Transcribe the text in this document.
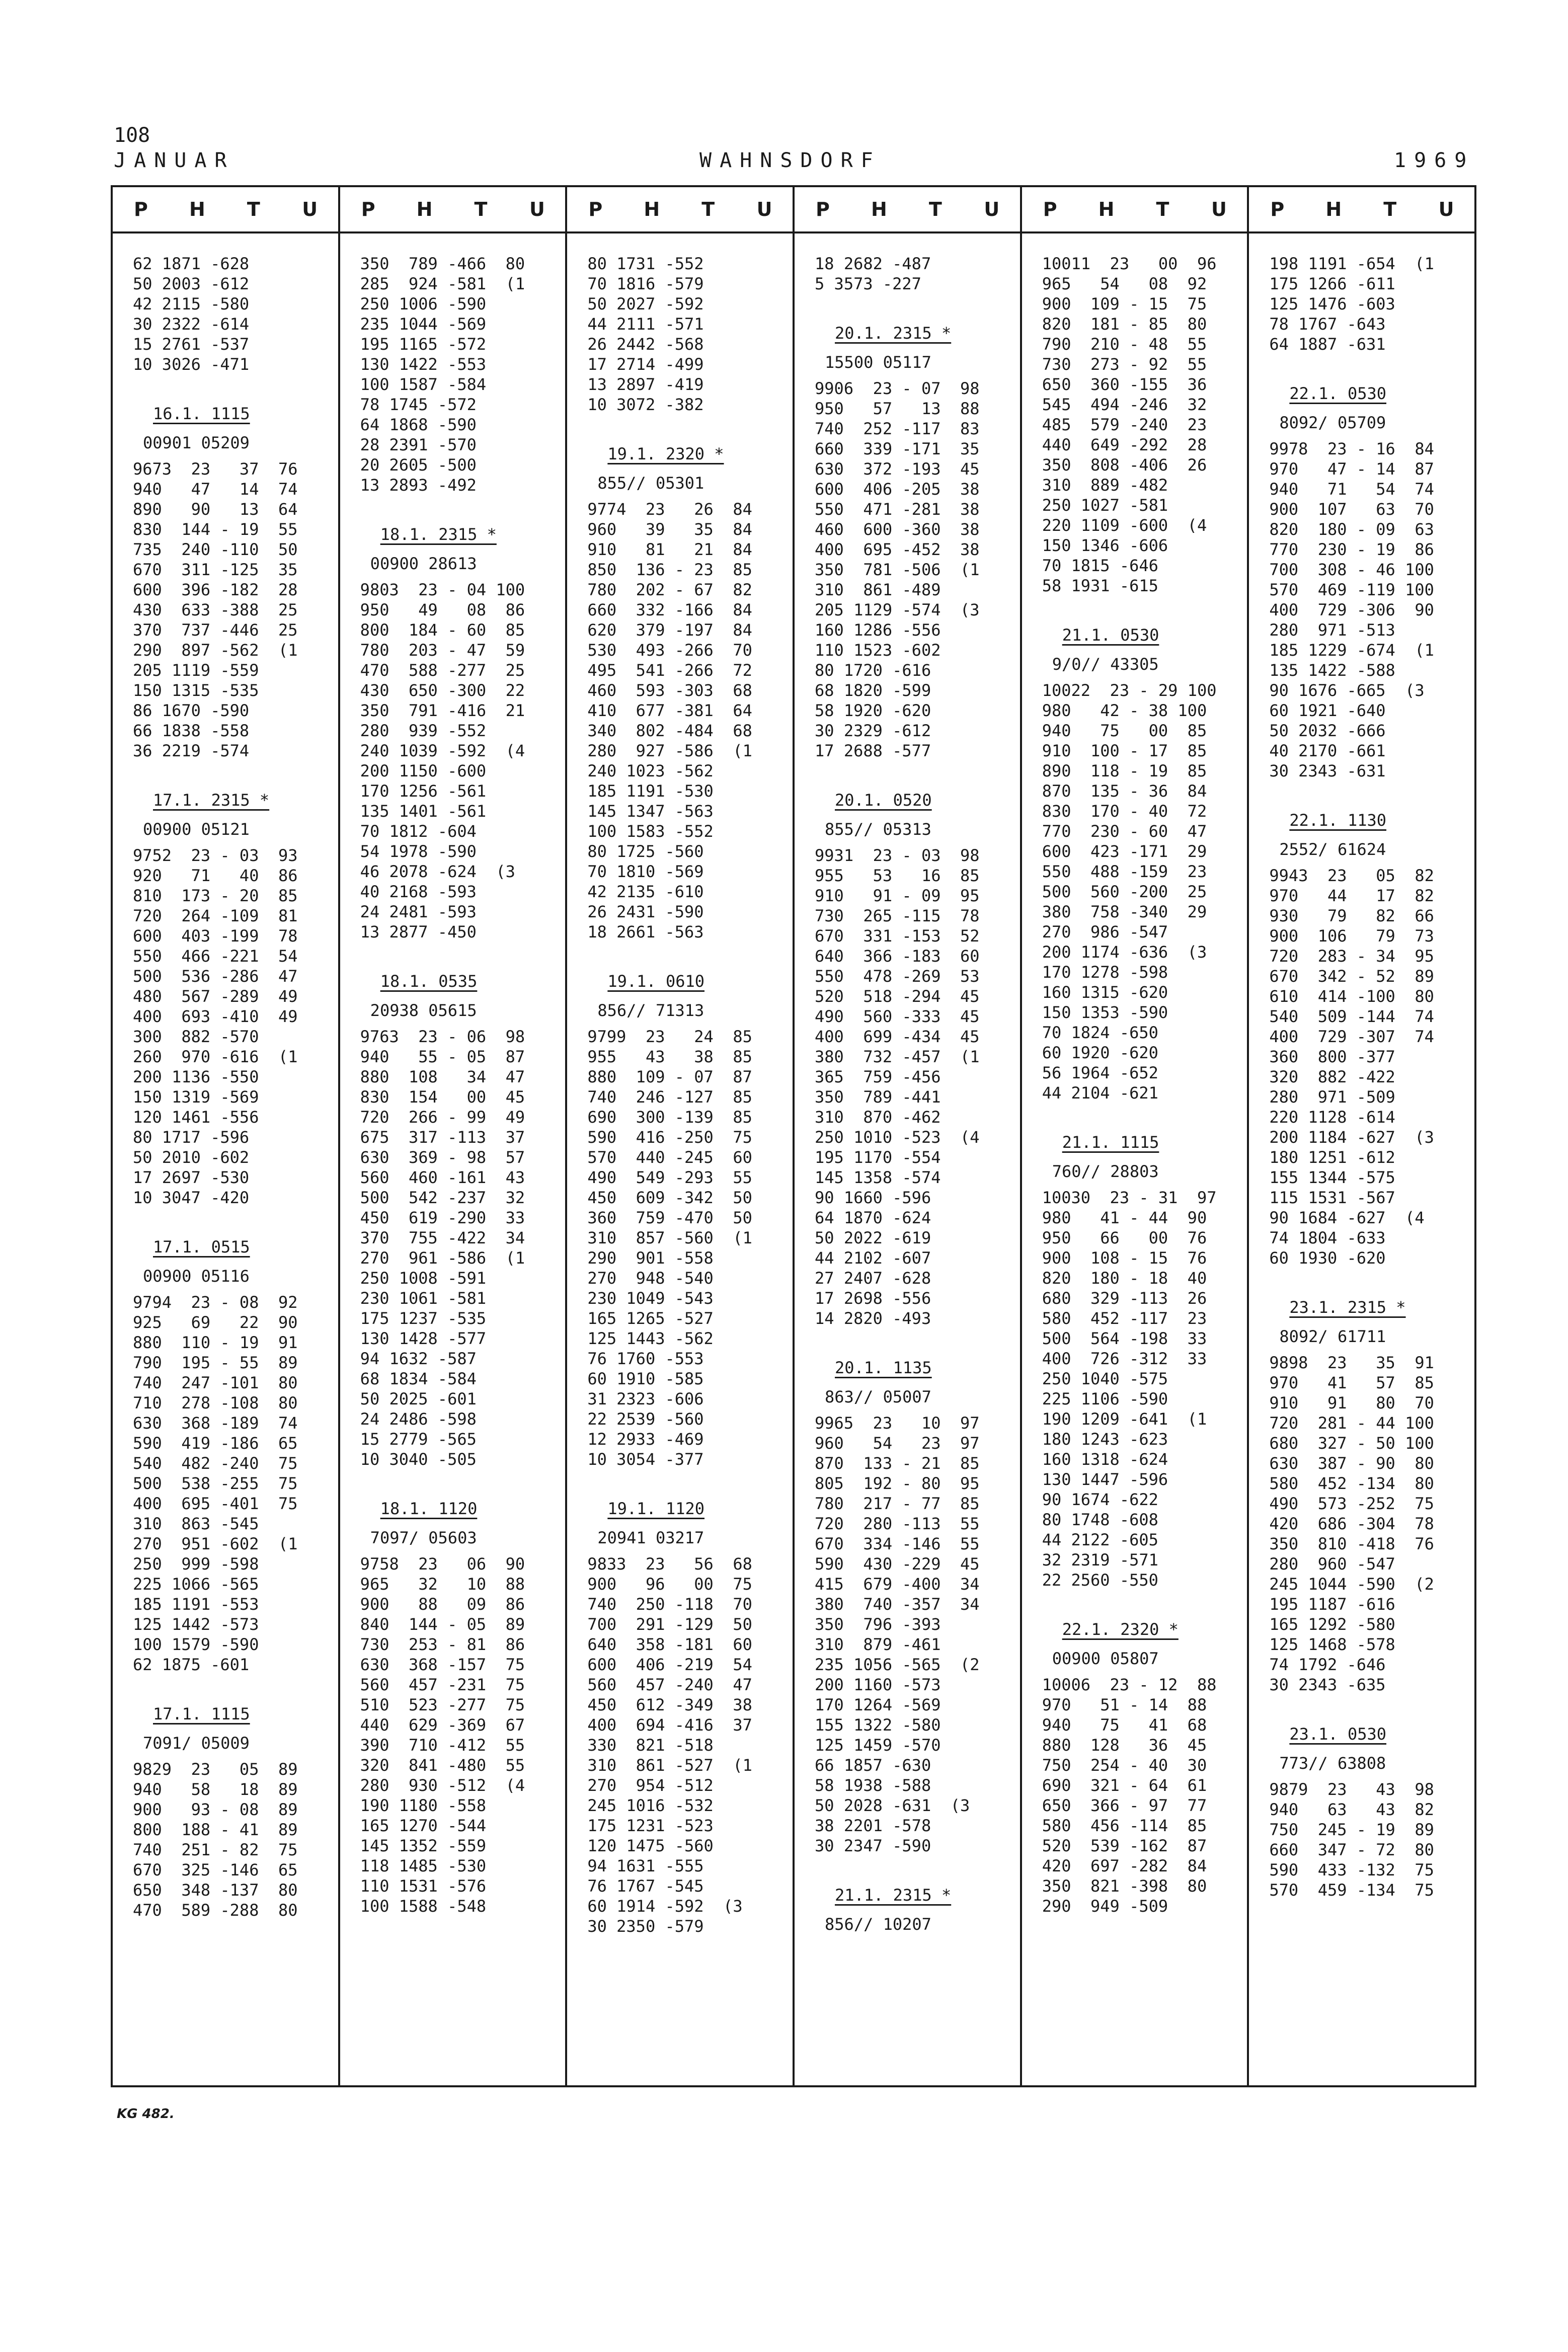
108
JANUAR	WAHNSDORF	1969
P	H	T	U
62 1871 -628
50 2003 -612
42 2115 -580
30 2322 -614
15 2761 -537
10 3026 -471
16.1. 1115
00901 05209
9673  23   37  76
940   47   14  74
890   90   13  64
830  144 - 19  55
735  240 -110  50
670  311 -125  35
600  396 -182  28
430  633 -388  25
370  737 -446  25
290  897 -562  (1
205 1119 -559
150 1315 -535
86 1670 -590
66 1838 -558
36 2219 -574
17.1. 2315 *
00900 05121
9752  23 - 03  93
920   71   40  86
810  173 - 20  85
720  264 -109  81
600  403 -199  78
550  466 -221  54
500  536 -286  47
480  567 -289  49
400  693 -410  49
300  882 -570
260  970 -616  (1
200 1136 -550
150 1319 -569
120 1461 -556
80 1717 -596
50 2010 -602
17 2697 -530
10 3047 -420
17.1. 0515
00900 05116
9794  23 - 08  92
925   69   22  90
880  110 - 19  91
790  195 - 55  89
740  247 -101  80
710  278 -108  80
630  368 -189  74
590  419 -186  65
540  482 -240  75
500  538 -255  75
400  695 -401  75
310  863 -545
270  951 -602  (1
250  999 -598
225 1066 -565
185 1191 -553
125 1442 -573
100 1579 -590
62 1875 -601
17.1. 1115
7091/ 05009
9829  23   05  89
940   58   18  89
900   93 - 08  89
800  188 - 41  89
740  251 - 82  75
670  325 -146  65
650  348 -137  80
470  589 -288  80
P	H	T	U
350  789 -466  80
285  924 -581  (1
250 1006 -590
235 1044 -569
195 1165 -572
130 1422 -553
100 1587 -584
78 1745 -572
64 1868 -590
28 2391 -570
20 2605 -500
13 2893 -492
18.1. 2315 *
00900 28613
9803  23 - 04 100
950   49   08  86
800  184 - 60  85
780  203 - 47  59
470  588 -277  25
430  650 -300  22
350  791 -416  21
280  939 -552
240 1039 -592  (4
200 1150 -600
170 1256 -561
135 1401 -561
70 1812 -604
54 1978 -590
46 2078 -624  (3
40 2168 -593
24 2481 -593
13 2877 -450
18.1. 0535
20938 05615
9763  23 - 06  98
940   55 - 05  87
880  108   34  47
830  154   00  45
720  266 - 99  49
675  317 -113  37
630  369 - 98  57
560  460 -161  43
500  542 -237  32
450  619 -290  33
370  755 -422  34
270  961 -586  (1
250 1008 -591
230 1061 -581
175 1237 -535
130 1428 -577
94 1632 -587
68 1834 -584
50 2025 -601
24 2486 -598
15 2779 -565
10 3040 -505
18.1. 1120
7097/ 05603
9758  23   06  90
965   32   10  88
900   88   09  86
840  144 - 05  89
730  253 - 81  86
630  368 -157  75
560  457 -231  75
510  523 -277  75
440  629 -369  67
390  710 -412  55
320  841 -480  55
280  930 -512  (4
190 1180 -558
165 1270 -544
145 1352 -559
118 1485 -530
110 1531 -576
100 1588 -548
P	H	T	U
80 1731 -552
70 1816 -579
50 2027 -592
44 2111 -571
26 2442 -568
17 2714 -499
13 2897 -419
10 3072 -382
19.1. 2320 *
855// 05301
9774  23   26  84
960   39   35  84
910   81   21  84
850  136 - 23  85
780  202 - 67  82
660  332 -166  84
620  379 -197  84
530  493 -266  70
495  541 -266  72
460  593 -303  68
410  677 -381  64
340  802 -484  68
280  927 -586  (1
240 1023 -562
185 1191 -530
145 1347 -563
100 1583 -552
80 1725 -560
70 1810 -569
42 2135 -610
26 2431 -590
18 2661 -563
19.1. 0610
856// 71313
9799  23   24  85
955   43   38  85
880  109 - 07  87
740  246 -127  85
690  300 -139  85
590  416 -250  75
570  440 -245  60
490  549 -293  55
450  609 -342  50
360  759 -470  50
310  857 -560  (1
290  901 -558
270  948 -540
230 1049 -543
165 1265 -527
125 1443 -562
76 1760 -553
60 1910 -585
31 2323 -606
22 2539 -560
12 2933 -469
10 3054 -377
19.1. 1120
20941 03217
9833  23   56  68
900   96   00  75
740  250 -118  70
700  291 -129  50
640  358 -181  60
600  406 -219  54
560  457 -240  47
450  612 -349  38
400  694 -416  37
330  821 -518
310  861 -527  (1
270  954 -512
245 1016 -532
175 1231 -523
120 1475 -560
94 1631 -555
76 1767 -545
60 1914 -592  (3
30 2350 -579
P	H	T	U
18 2682 -487
5 3573 -227
20.1. 2315 *
15500 05117
9906  23 - 07  98
950   57   13  88
740  252 -117  83
660  339 -171  35
630  372 -193  45
600  406 -205  38
550  471 -281  38
460  600 -360  38
400  695 -452  38
350  781 -506  (1
310  861 -489
205 1129 -574  (3
160 1286 -556
110 1523 -602
80 1720 -616
68 1820 -599
58 1920 -620
30 2329 -612
17 2688 -577
20.1. 0520
855// 05313
9931  23 - 03  98
955   53   16  85
910   91 - 09  95
730  265 -115  78
670  331 -153  52
640  366 -183  60
550  478 -269  53
520  518 -294  45
490  560 -333  45
400  699 -434  45
380  732 -457  (1
365  759 -456
350  789 -441
310  870 -462
250 1010 -523  (4
195 1170 -554
145 1358 -574
90 1660 -596
64 1870 -624
50 2022 -619
44 2102 -607
27 2407 -628
17 2698 -556
14 2820 -493
20.1. 1135
863// 05007
9965  23   10  97
960   54   23  97
870  133 - 21  85
805  192 - 80  95
780  217 - 77  85
720  280 -113  55
670  334 -146  55
590  430 -229  45
415  679 -400  34
380  740 -357  34
350  796 -393
310  879 -461
235 1056 -565  (2
200 1160 -573
170 1264 -569
155 1322 -580
125 1459 -570
66 1857 -630
58 1938 -588
50 2028 -631  (3
38 2201 -578
30 2347 -590
21.1. 2315 *
856// 10207
P	H	T	U
10011  23   00  96
965   54   08  92
900  109 - 15  75
820  181 - 85  80
790  210 - 48  55
730  273 - 92  55
650  360 -155  36
545  494 -246  32
485  579 -240  23
440  649 -292  28
350  808 -406  26
310  889 -482
250 1027 -581
220 1109 -600  (4
150 1346 -606
70 1815 -646
58 1931 -615
21.1. 0530
9/0// 43305
10022  23 - 29 100
980   42 - 38 100
940   75   00  85
910  100 - 17  85
890  118 - 19  85
870  135 - 36  84
830  170 - 40  72
770  230 - 60  47
600  423 -171  29
550  488 -159  23
500  560 -200  25
380  758 -340  29
270  986 -547
200 1174 -636  (3
170 1278 -598
160 1315 -620
150 1353 -590
70 1824 -650
60 1920 -620
56 1964 -652
44 2104 -621
21.1. 1115
760// 28803
10030  23 - 31  97
980   41 - 44  90
950   66   00  76
900  108 - 15  76
820  180 - 18  40
680  329 -113  26
580  452 -117  23
500  564 -198  33
400  726 -312  33
250 1040 -575
225 1106 -590
190 1209 -641  (1
180 1243 -623
160 1318 -624
130 1447 -596
90 1674 -622
80 1748 -608
44 2122 -605
32 2319 -571
22 2560 -550
22.1. 2320 *
00900 05807
10006  23 - 12  88
970   51 - 14  88
940   75   41  68
880  128   36  45
750  254 - 40  30
690  321 - 64  61
650  366 - 97  77
580  456 -114  85
520  539 -162  87
420  697 -282  84
350  821 -398  80
290  949 -509
P	H	T	U
198 1191 -654  (1
175 1266 -611
125 1476 -603
78 1767 -643
64 1887 -631
22.1. 0530
8092/ 05709
9978  23 - 16  84
970   47 - 14  87
940   71   54  74
900  107   63  70
820  180 - 09  63
770  230 - 19  86
700  308 - 46 100
570  469 -119 100
400  729 -306  90
280  971 -513
185 1229 -674  (1
135 1422 -588
90 1676 -665  (3
60 1921 -640
50 2032 -666
40 2170 -661
30 2343 -631
22.1. 1130
2552/ 61624
9943  23   05  82
970   44   17  82
930   79   82  66
900  106   79  73
720  283 - 34  95
670  342 - 52  89
610  414 -100  80
540  509 -144  74
400  729 -307  74
360  800 -377
320  882 -422
280  971 -509
220 1128 -614
200 1184 -627  (3
180 1251 -612
155 1344 -575
115 1531 -567
90 1684 -627  (4
74 1804 -633
60 1930 -620
23.1. 2315 *
8092/ 61711
9898  23   35  91
970   41   57  85
910   91   80  70
720  281 - 44 100
680  327 - 50 100
630  387 - 90  80
580  452 -134  80
490  573 -252  75
420  686 -304  78
350  810 -418  76
280  960 -547
245 1044 -590  (2
195 1187 -616
165 1292 -580
125 1468 -578
74 1792 -646
30 2343 -635
23.1. 0530
773// 63808
9879  23   43  98
940   63   43  82
750  245 - 19  89
660  347 - 72  80
590  433 -132  75
570  459 -134  75
KG 482.
